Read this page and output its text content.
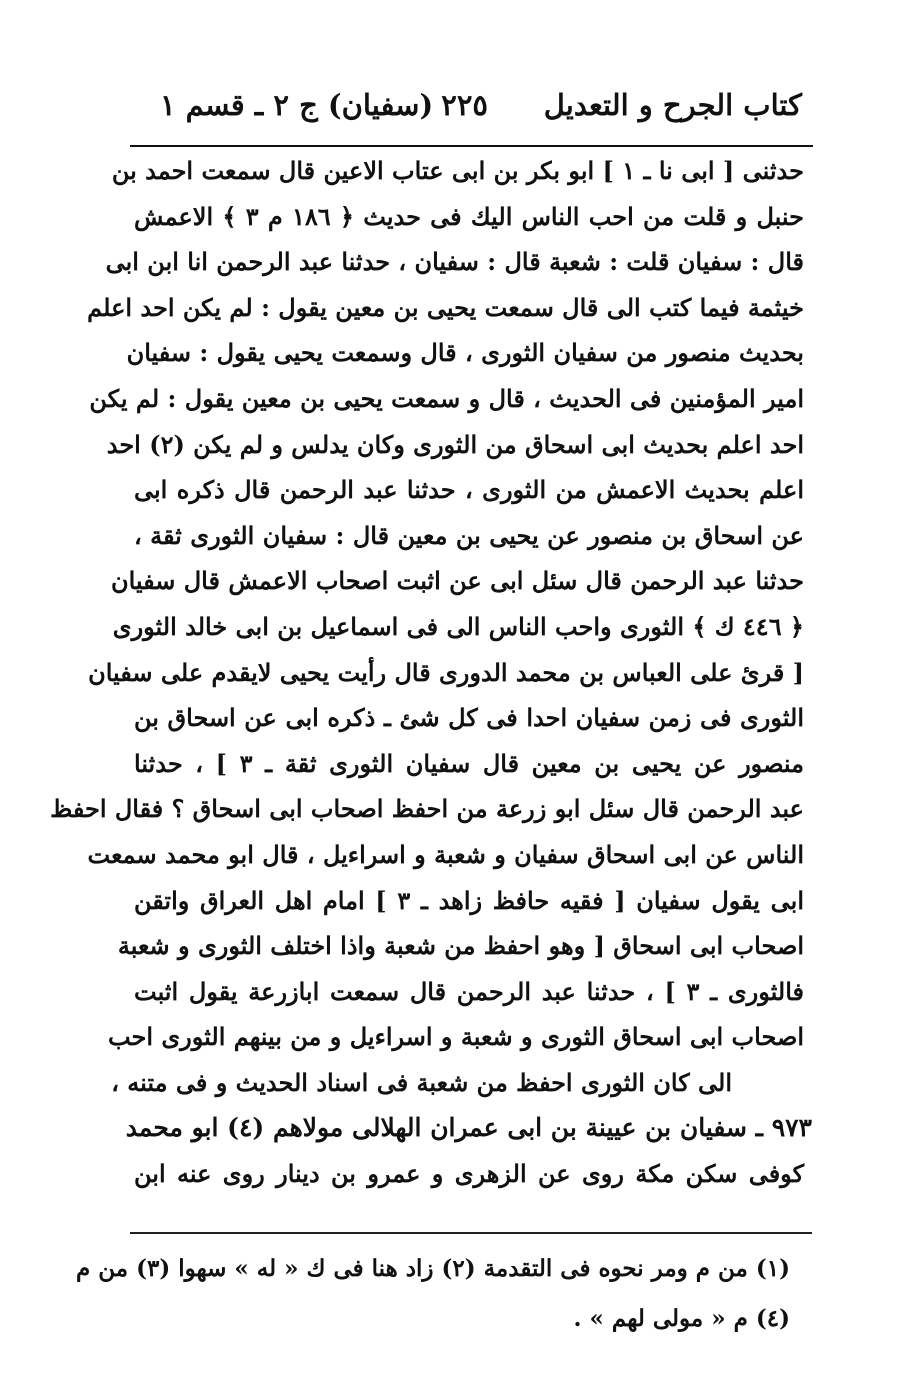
كتاب الجرح و التعديل
٢٢٥
(سفيان) ج ٢ ـ قسم ١
حدثنى [ ابى نا ـ ١ ] ابو بكر بن ابى عتاب الاعين قال سمعت احمد بن
حنبل و قلت من احب الناس اليك فى حديث ﴿ ١٨٦ م ٣ ﴾ الاعمش
قال : سفيان قلت : شعبة قال : سفيان ، حدثنا عبد الرحمن انا ابن ابى
خيثمة فيما كتب الى قال سمعت يحيى بن معين يقول : لم يكن احد اعلم
بحديث منصور من سفيان الثورى ، قال وسمعت يحيى يقول : سفيان
امير المؤمنين فى الحديث ، قال و سمعت يحيى بن معين يقول : لم يكن
احد اعلم بحديث ابى اسحاق من الثورى وكان يدلس و لم يكن (٢) احد
اعلم بحديث الاعمش من الثورى ، حدثنا عبد الرحمن قال ذكره ابى
عن اسحاق بن منصور عن يحيى بن معين قال : سفيان الثورى ثقة ،
حدثنا عبد الرحمن قال سئل ابى عن اثبت اصحاب الاعمش قال سفيان
﴿ ٤٤٦ ك ﴾ الثورى واحب الناس الى فى اسماعيل بن ابى خالد الثورى
[ قرئ على العباس بن محمد الدورى قال رأيت يحيى لايقدم على سفيان
الثورى فى زمن سفيان احدا فى كل شئ ـ ذكره ابى عن اسحاق بن
منصور عن يحيى بن معين قال سفيان الثورى ثقة ـ ٣ ] ، حدثنا
عبد الرحمن قال سئل ابو زرعة من احفظ اصحاب ابى اسحاق ؟ فقال احفظ
الناس عن ابى اسحاق سفيان و شعبة و اسراءيل ، قال ابو محمد سمعت
ابى يقول سفيان [ فقيه حافظ زاهد ـ ٣ ] امام اهل العراق واتقن
اصحاب ابى اسحاق [ وهو احفظ من شعبة واذا اختلف الثورى و شعبة
فالثورى ـ ٣ ] ، حدثنا عبد الرحمن قال سمعت ابازرعة يقول اثبت
اصحاب ابى اسحاق الثورى و شعبة و اسراءيل و من بينهم الثورى احب
الى كان الثورى احفظ من شعبة فى اسناد الحديث و فى متنه ،
٩٧٣ ـ سفيان بن عيينة بن ابى عمران الهلالى مولاهم (٤) ابو محمد
كوفى سكن مكة روى عن الزهرى و عمرو بن دينار روى عنه ابن
(١) من م ومر نحوه فى التقدمة (٢) زاد هنا فى ك « له » سهوا (٣) من م
(٤) م « مولى لهم » .
